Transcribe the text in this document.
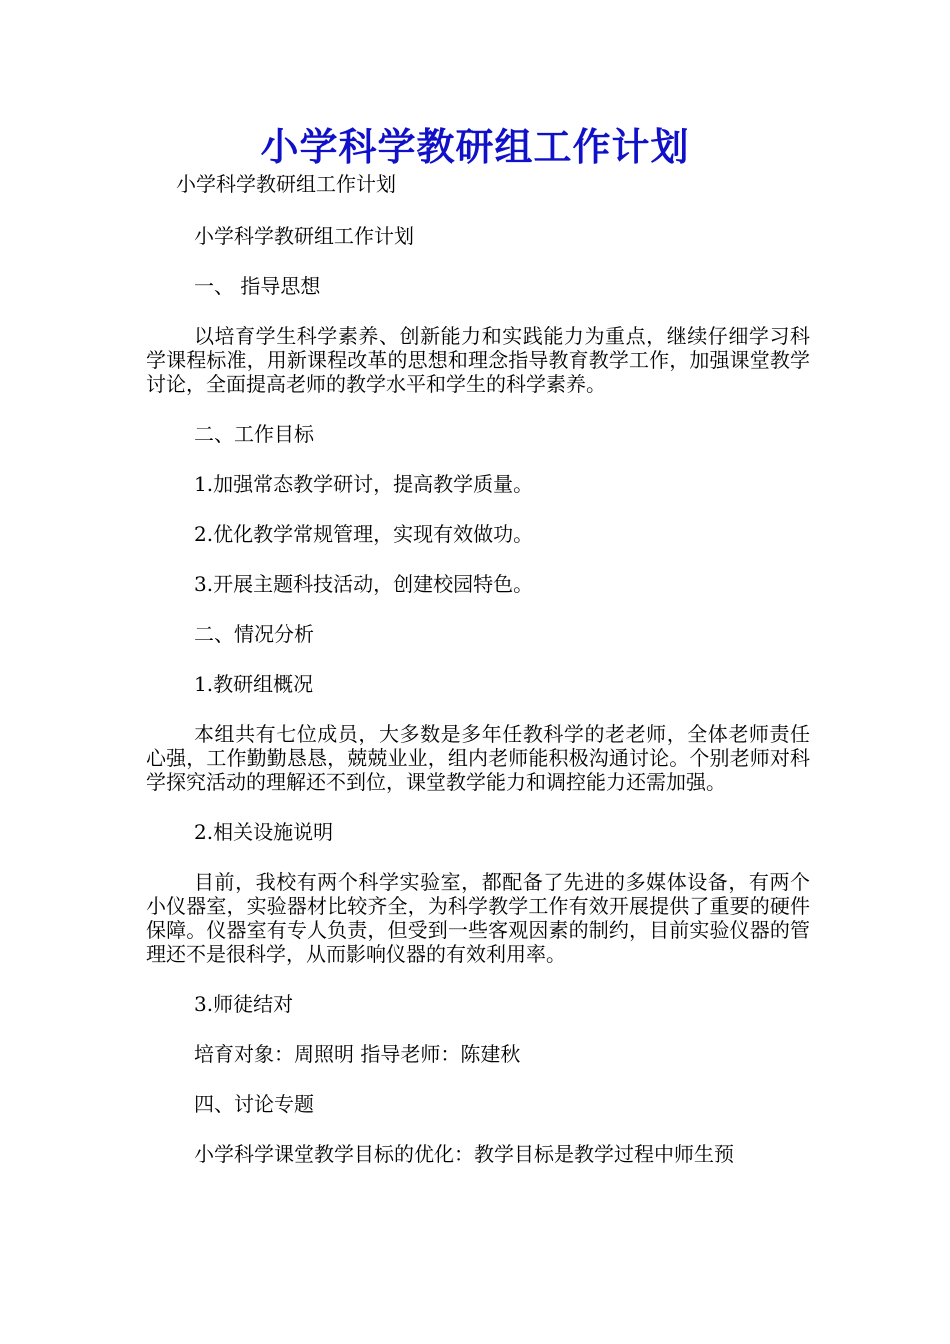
小学科学教研组工作计划

小学科学教研组工作计划

小学科学教研组工作计划

一、 指导思想

以培育学生科学素养、创新能力和实践能力为重点，继续仔细学习科学课程标准，用新课程改革的思想和理念指导教育教学工作，加强课堂教学讨论，全面提高老师的教学水平和学生的科学素养。

二、工作目标

1.加强常态教学研讨，提高教学质量。

2.优化教学常规管理，实现有效做功。

3.开展主题科技活动，创建校园特色。

二、情况分析

1.教研组概况

本组共有七位成员，大多数是多年任教科学的老老师，全体老师责任心强，工作勤勤恳恳，兢兢业业，组内老师能积极沟通讨论。个别老师对科学探究活动的理解还不到位，课堂教学能力和调控能力还需加强。

2.相关设施说明

目前，我校有两个科学实验室，都配备了先进的多媒体设备，有两个小仪器室，实验器材比较齐全，为科学教学工作有效开展提供了重要的硬件保障。仪器室有专人负责，但受到一些客观因素的制约，目前实验仪器的管理还不是很科学，从而影响仪器的有效利用率。

3.师徒结对

培育对象：周照明 指导老师：陈建秋

四、讨论专题

小学科学课堂教学目标的优化：教学目标是教学过程中师生预
